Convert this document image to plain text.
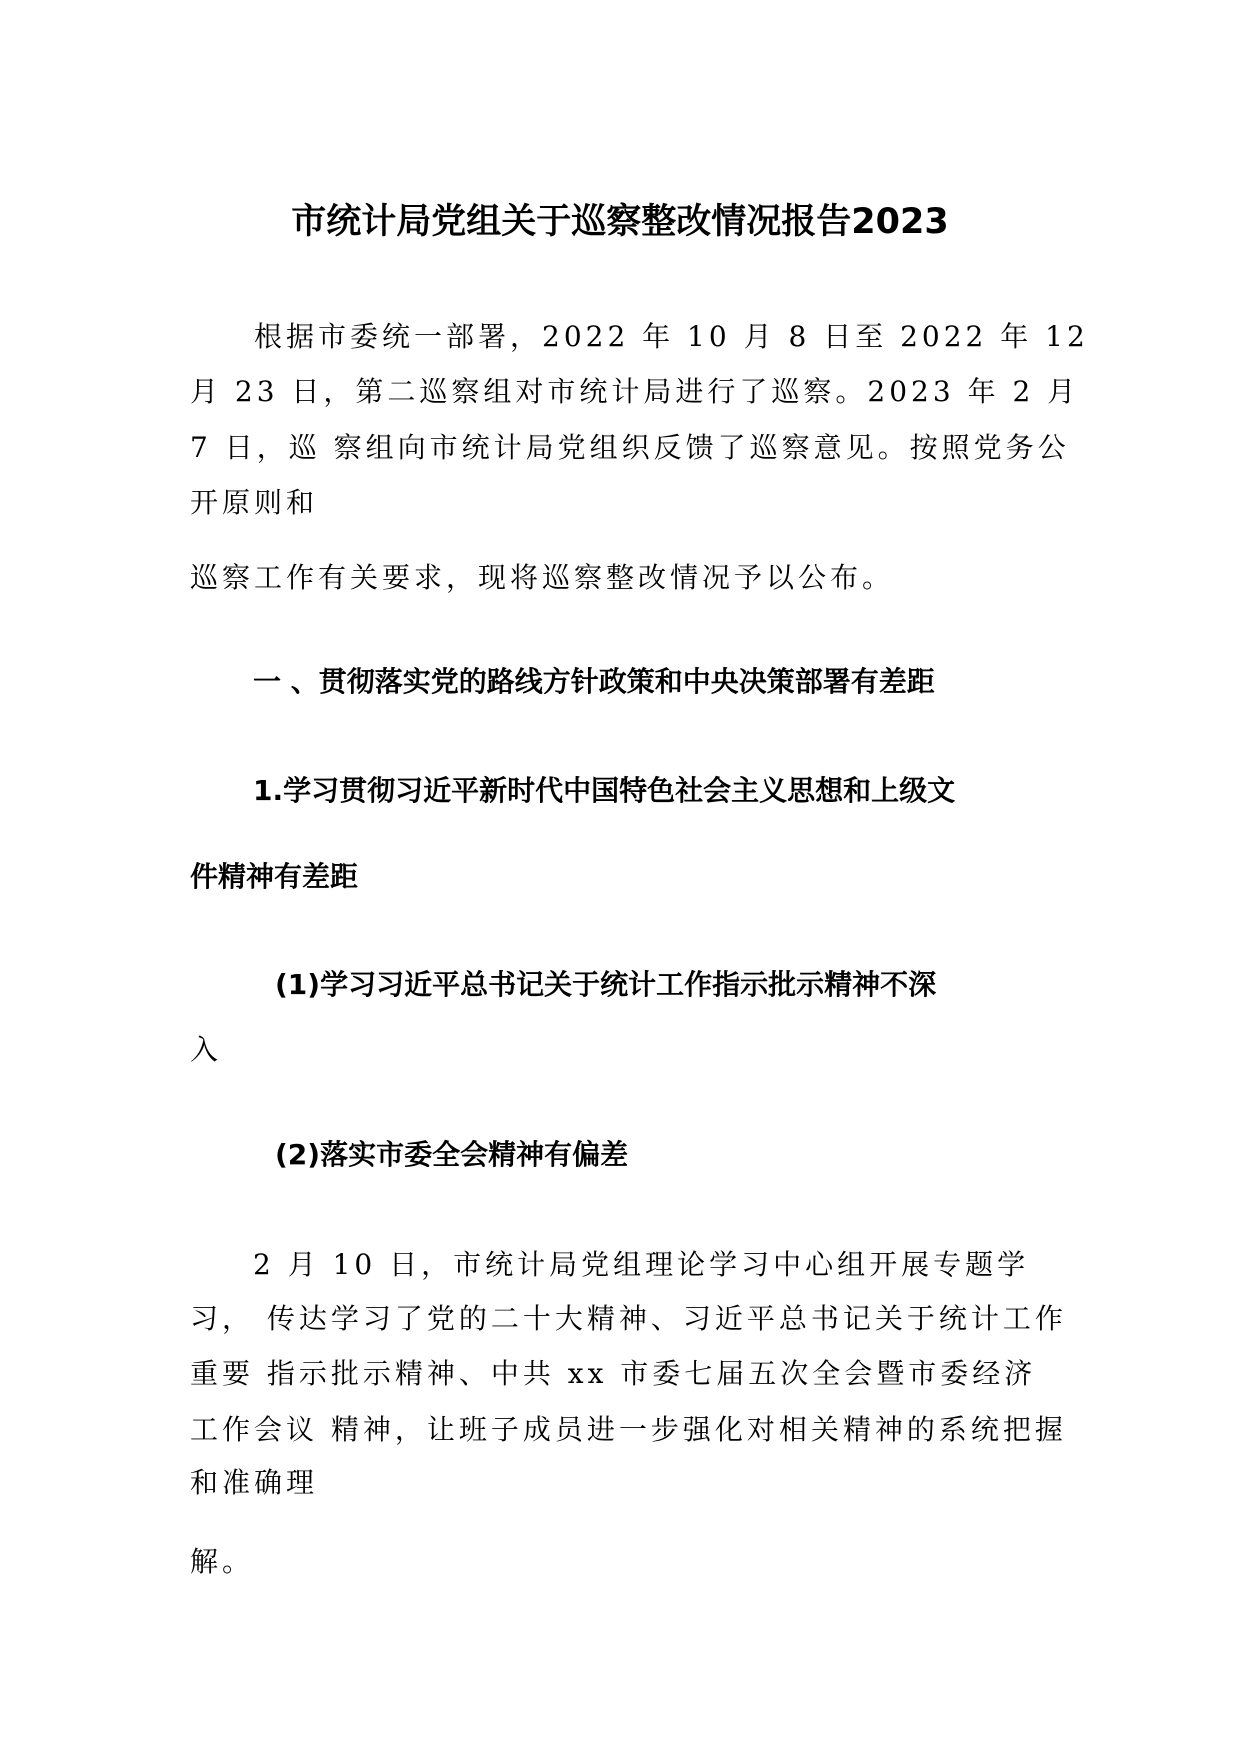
市统计局党组关于巡察整改情况报告2023
根据市委统一部署，2022 年 10 月 8 日至 2022 年 12
月 23 日，第二巡察组对市统计局进行了巡察。2023 年 2 月
7 日，巡 察组向市统计局党组织反馈了巡察意见。按照党务公
开原则和
巡察工作有关要求，现将巡察整改情况予以公布。
一 、贯彻落实党的路线方针政策和中央决策部署有差距
1.学习贯彻习近平新时代中国特色社会主义思想和上级文
件精神有差距
(1)学习习近平总书记关于统计工作指示批示精神不深
入
(2)落实市委全会精神有偏差
2 月 10 日，市统计局党组理论学习中心组开展专题学
习， 传达学习了党的二十大精神、习近平总书记关于统计工作
重要 指示批示精神、中共 xx 市委七届五次全会暨市委经济
工作会议 精神，让班子成员进一步强化对相关精神的系统把握
和准确理
解。
